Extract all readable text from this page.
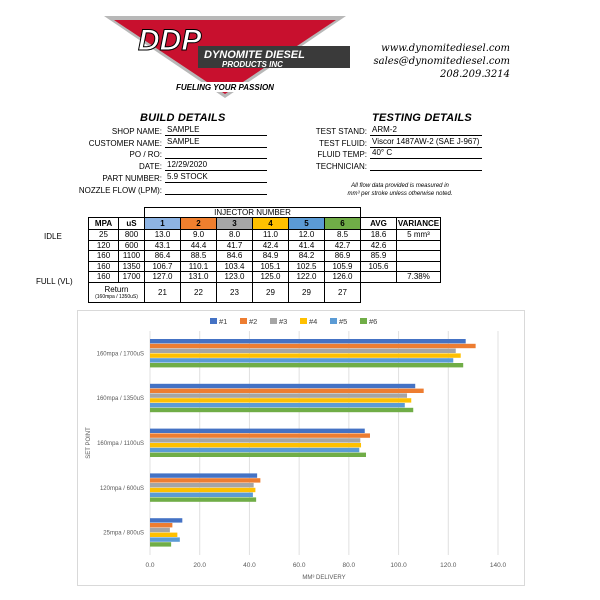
DDP DYNOMITE DIESEL
PRODUCTS INC
FUELING YOUR PASSION
www.dynomitediesel.com
sales@dynomitediesel.com
208.209.3214
BUILD DETAILS
SHOP NAME: SAMPLE
CUSTOMER NAME: SAMPLE
PO / RO:
DATE: 12/29/2020
PART NUMBER: 5.9 STOCK
NOZZLE FLOW (LPM):
TESTING DETAILS
TEST STAND: ARM-2
TEST FLUID: Viscor 1487AW-2 (SAE J-967)
FLUID TEMP: 40° C
TECHNICIAN:
All flow data provided is measured in
mm³ per stroke unless otherwise noted.
IDLE
FULL (VL)
		INJECTOR NUMBER							
MPA	uS	1	2	3	4	5	6	AVG	VARIANCE
25	800	13.0	9.0	8.0	11.0	12.0	8.5	18.6	5 mm³
120	600	43.1	44.4	41.7	42.4	41.4	42.7	42.6	
160	1100	86.4	88.5	84.6	84.9	84.2	86.9	85.9	
160	1350	106.7	110.1	103.4	105.1	102.5	105.9	105.6	
160	1700	127.0	131.0	123.0	125.0	122.0	126.0		7.38%

Return
(160mpa / 1350uS)		21	22	23	29	29	27		
0.0	20.0	40.0	60.0	80.0	100.0	120.0	140.0
25mpa / 800uS
120mpa / 600uS
160mpa / 1100uS
160mpa / 1350uS
160mpa / 1700uS
MM³ DELIVERY
SET POINT
#1	#2	#3	#4	#5	#6
